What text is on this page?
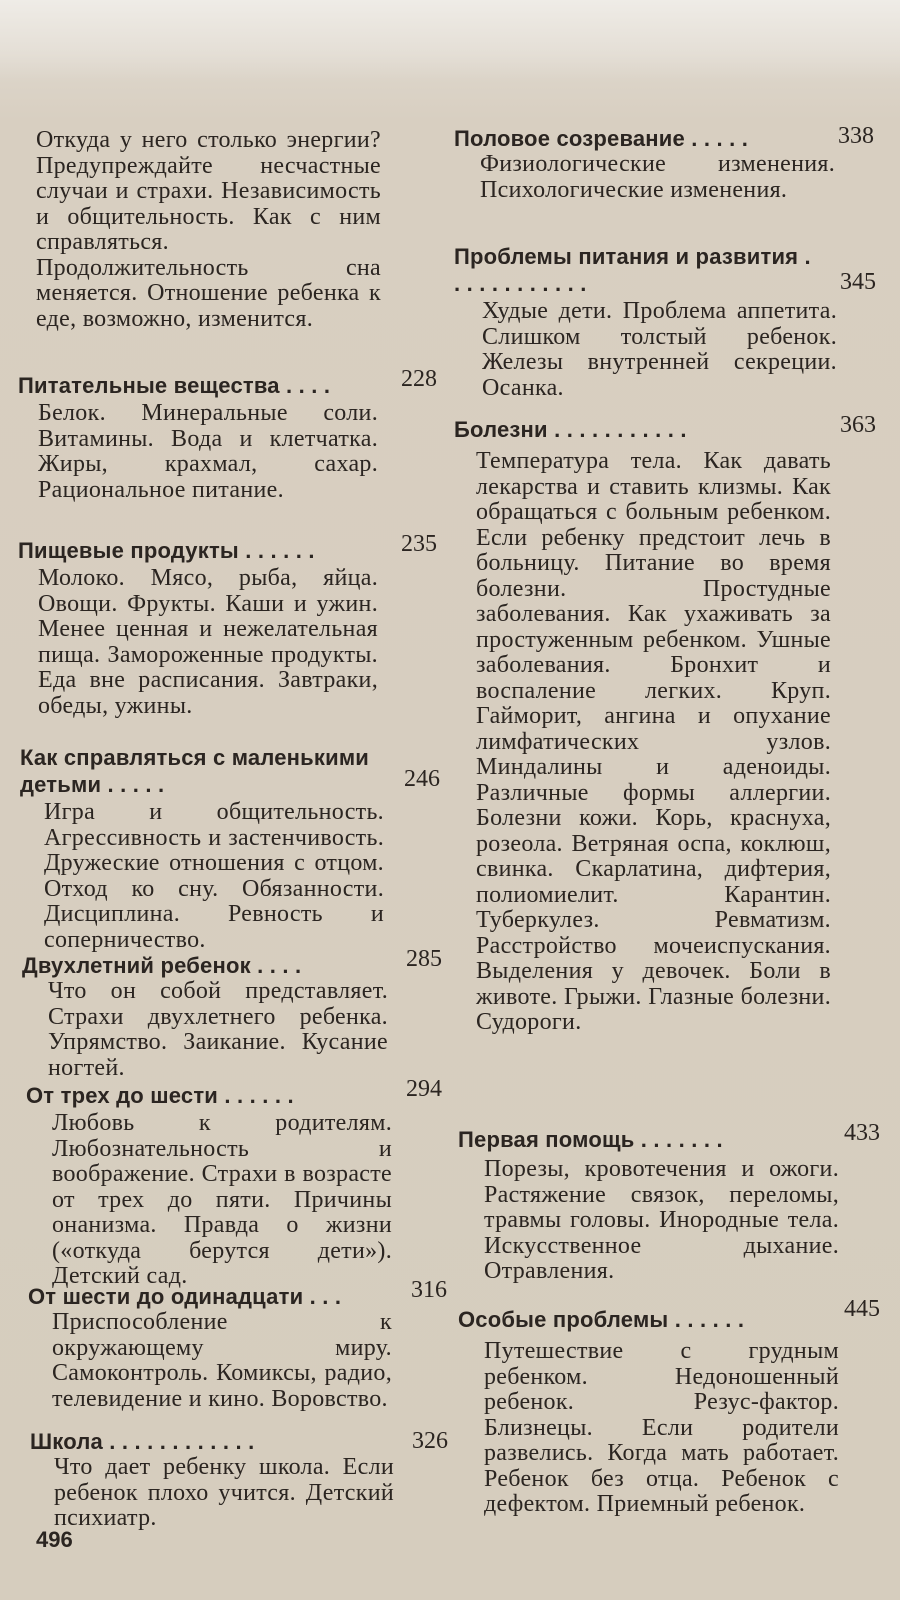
Откуда у него столько энергии? Предупреждайте несчастные случаи и страхи. Независимость и общительность. Как с ним справляться. Продолжительность сна меняется. Отношение ребенка к еде, возможно, изменится.
Питательные вещества . . . .	228
Белок. Минеральные соли. Витамины. Вода и клетчатка. Жиры, крахмал, сахар. Рациональное питание.
Пищевые продукты . . . . . .	235
Молоко. Мясо, рыба, яйца. Овощи. Фрукты. Каши и ужин. Менее ценная и нежелательная пища. Замороженные продукты. Еда вне расписания. Завтраки, обеды, ужины.
Как справляться с маленькими детьми . . . . .	246
Игра и общительность. Агрессивность и застенчивость. Дружеские отношения с отцом. Отход ко сну. Обязанности. Дисциплина. Ревность и соперничество.
Двухлетний ребенок . . . .	285
Что он собой представляет. Страхи двухлетнего ребенка. Упрямство. Заикание. Кусание ногтей.
От трех до шести . . . . . .	294
Любовь к родителям. Любознательность и воображение. Страхи в возрасте от трех до пяти. Причины онанизма. Правда о жизни («откуда берутся дети»). Детский сад.
От шести до одинадцати . . .	316
Приспособление к окружающему миру. Самоконтроль. Комиксы, радио, телевидение и кино. Воровство.
Школа . . . . . . . . . . . .	326
Что дает ребенку школа. Если ребенок плохо учится. Детский психиатр.
Половое созревание . . . . .	338
Физиологические изменения. Психологические изменения.
Проблемы питания и развития . . . . . . . . . . . .	345
Худые дети. Проблема аппетита. Слишком толстый ребенок. Железы внутренней секреции. Осанка.
Болезни . . . . . . . . . . .	363
Температура тела. Как давать лекарства и ставить клизмы. Как обращаться с больным ребенком. Если ребенку предстоит лечь в больницу. Питание во время болезни. Простудные заболевания. Как ухаживать за простуженным ребенком. Ушные заболевания. Бронхит и воспаление легких. Круп. Гайморит, ангина и опухание лимфатических узлов. Миндалины и аденоиды. Различные формы аллергии. Болезни кожи. Корь, краснуха, розеола. Ветряная оспа, коклюш, свинка. Скарлатина, дифтерия, полиомиелит. Карантин. Туберкулез. Ревматизм. Расстройство мочеиспускания. Выделения у девочек. Боли в животе. Грыжи. Глазные болезни. Судороги.
Первая помощь . . . . . . .	433
Порезы, кровотечения и ожоги. Растяжение связок, переломы, травмы головы. Инородные тела. Искусственное дыхание. Отравления.
Особые проблемы . . . . . .	445
Путешествие с грудным ребенком. Недоношенный ребенок. Резус-фактор. Близнецы. Если родители развелись. Когда мать работает. Ребенок без отца. Ребенок с дефектом. Приемный ребенок.
496
